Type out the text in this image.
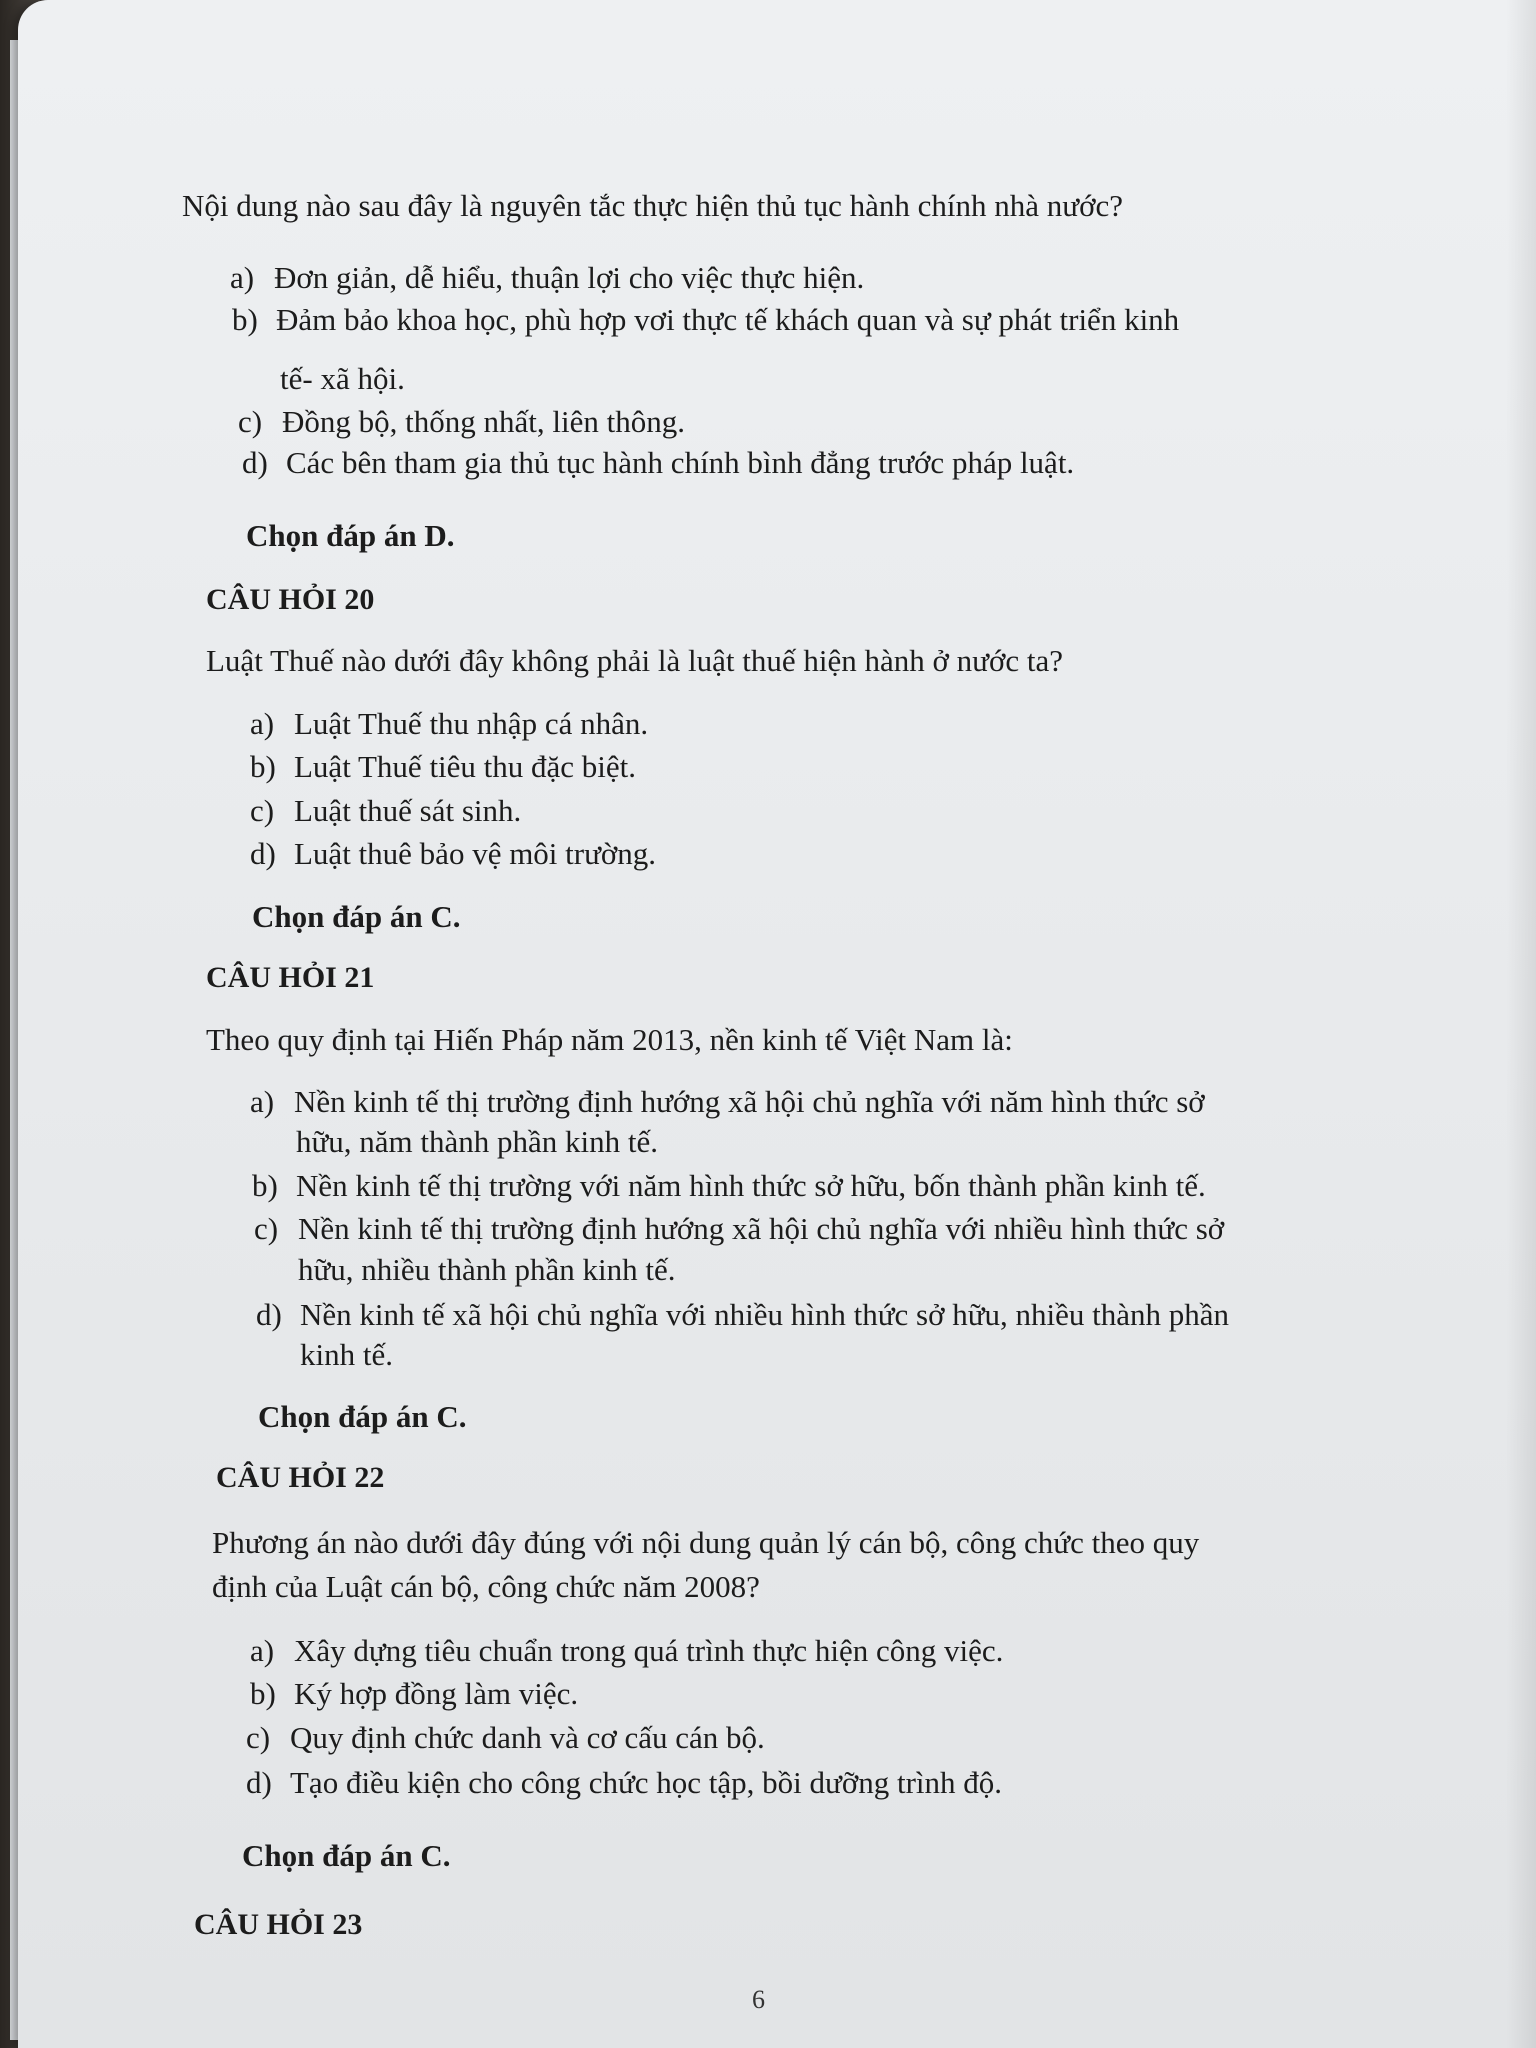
Nội dung nào sau đây là nguyên tắc thực hiện thủ tục hành chính nhà nước?
a) Đơn giản, dễ hiểu, thuận lợi cho việc thực hiện.
b) Đảm bảo khoa học, phù hợp vơi thực tế khách quan và sự phát triển kinh
tế- xã hội.
c) Đồng bộ, thống nhất, liên thông.
d) Các bên tham gia thủ tục hành chính bình đẳng trước pháp luật.
Chọn đáp án D.
CÂU HỎI 20
Luật Thuế nào dưới đây không phải là luật thuế hiện hành ở nước ta?
a) Luật Thuế thu nhập cá nhân.
b) Luật Thuế tiêu thu đặc biệt.
c) Luật thuế sát sinh.
d) Luật thuê bảo vệ môi trường.
Chọn đáp án C.
CÂU HỎI 21
Theo quy định tại Hiến Pháp năm 2013, nền kinh tế Việt Nam là:
a) Nền kinh tế thị trường định hướng xã hội chủ nghĩa với năm hình thức sở
hữu, năm thành phần kinh tế.
b) Nền kinh tế thị trường với năm hình thức sở hữu, bốn thành phần kinh tế.
c) Nền kinh tế thị trường định hướng xã hội chủ nghĩa với nhiều hình thức sở
hữu, nhiều thành phần kinh tế.
d) Nền kinh tế xã hội chủ nghĩa với nhiều hình thức sở hữu, nhiều thành phần
kinh tế.
Chọn đáp án C.
CÂU HỎI 22
Phương án nào dưới đây đúng với nội dung quản lý cán bộ, công chức theo quy
định của Luật cán bộ, công chức năm 2008?
a) Xây dựng tiêu chuẩn trong quá trình thực hiện công việc.
b) Ký hợp đồng làm việc.
c) Quy định chức danh và cơ cấu cán bộ.
d) Tạo điều kiện cho công chức học tập, bồi dưỡng trình độ.
Chọn đáp án C.
CÂU HỎI 23
6
